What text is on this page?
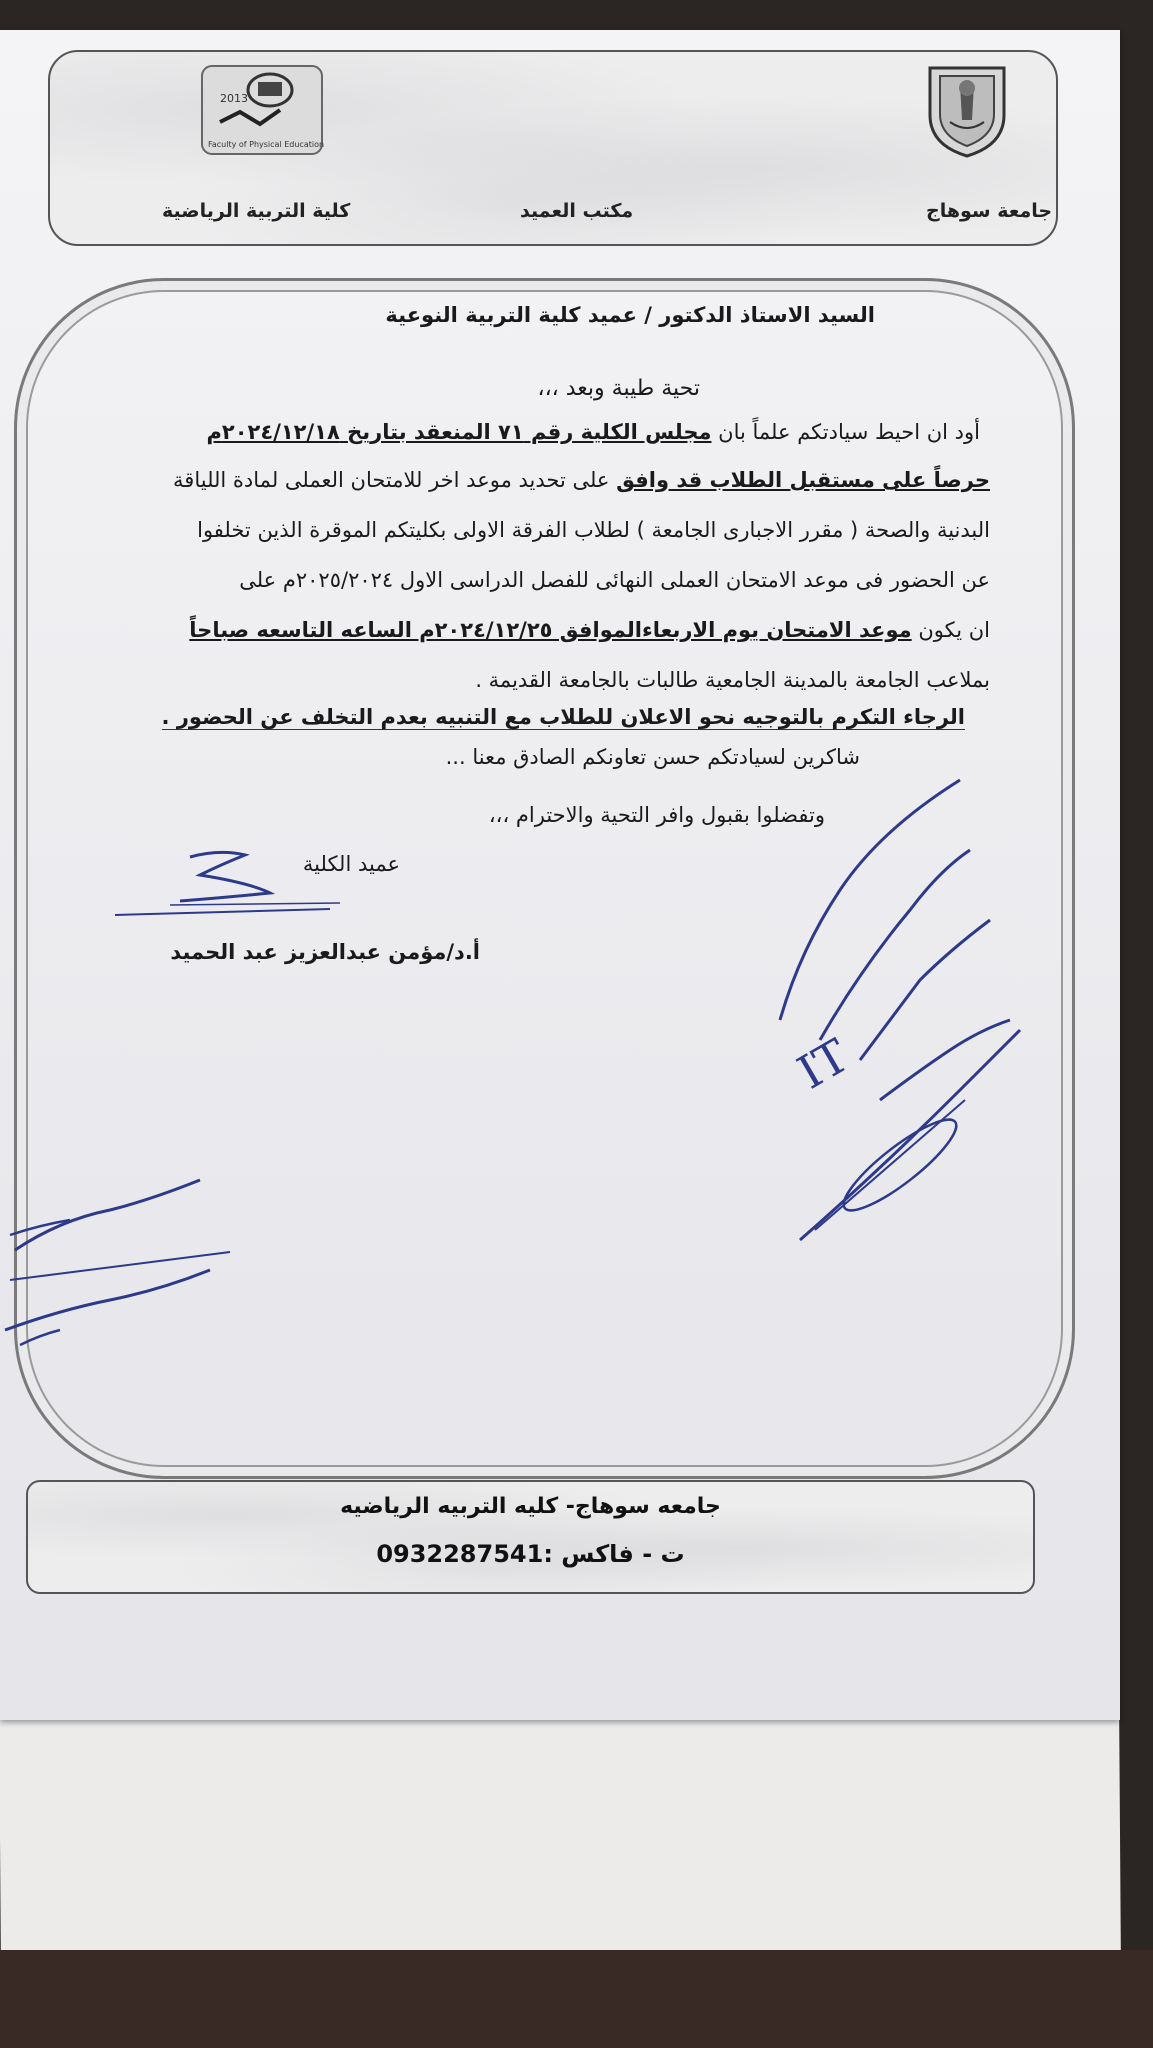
2013
Faculty of Physical Education
جامعة سوهاج
مكتب العميد
كلية التربية الرياضية
السيد الاستاذ الدكتور / عميد كلية التربية النوعية
تحية طيبة وبعد ،،،
أود ان احيط سيادتكم علماً بان مجلس الكلية رقم ٧١ المنعقد بتاريخ ٢٠٢٤/١٢/١٨م
حرصاً على مستقبل الطلاب قد وافق على تحديد موعد اخر للامتحان العملى لمادة اللياقة
البدنية والصحة ( مقرر الاجبارى الجامعة ) لطلاب الفرقة الاولى بكليتكم الموقرة الذين تخلفوا
عن الحضور فى موعد الامتحان العملى النهائى للفصل الدراسى الاول ٢٠٢٥/٢٠٢٤م على
ان يكون موعد الامتحان يوم الاربعاءالموافق ٢٠٢٤/١٢/٢٥م الساعه التاسعه صباحاً
بملاعب الجامعة بالمدينة الجامعية طالبات بالجامعة القديمة .
الرجاء التكرم بالتوجيه نحو الاعلان للطلاب مع التنبيه بعدم التخلف عن الحضور .
شاكرين لسيادتكم حسن تعاونكم الصادق معنا ...
وتفضلوا بقبول وافر التحية والاحترام ،،،
عميد الكلية
أ.د/مؤمن عبدالعزيز عبد الحميد
IT
جامعه سوهاج- كليه التربيه الرياضيه
ت - فاكس :0932287541
